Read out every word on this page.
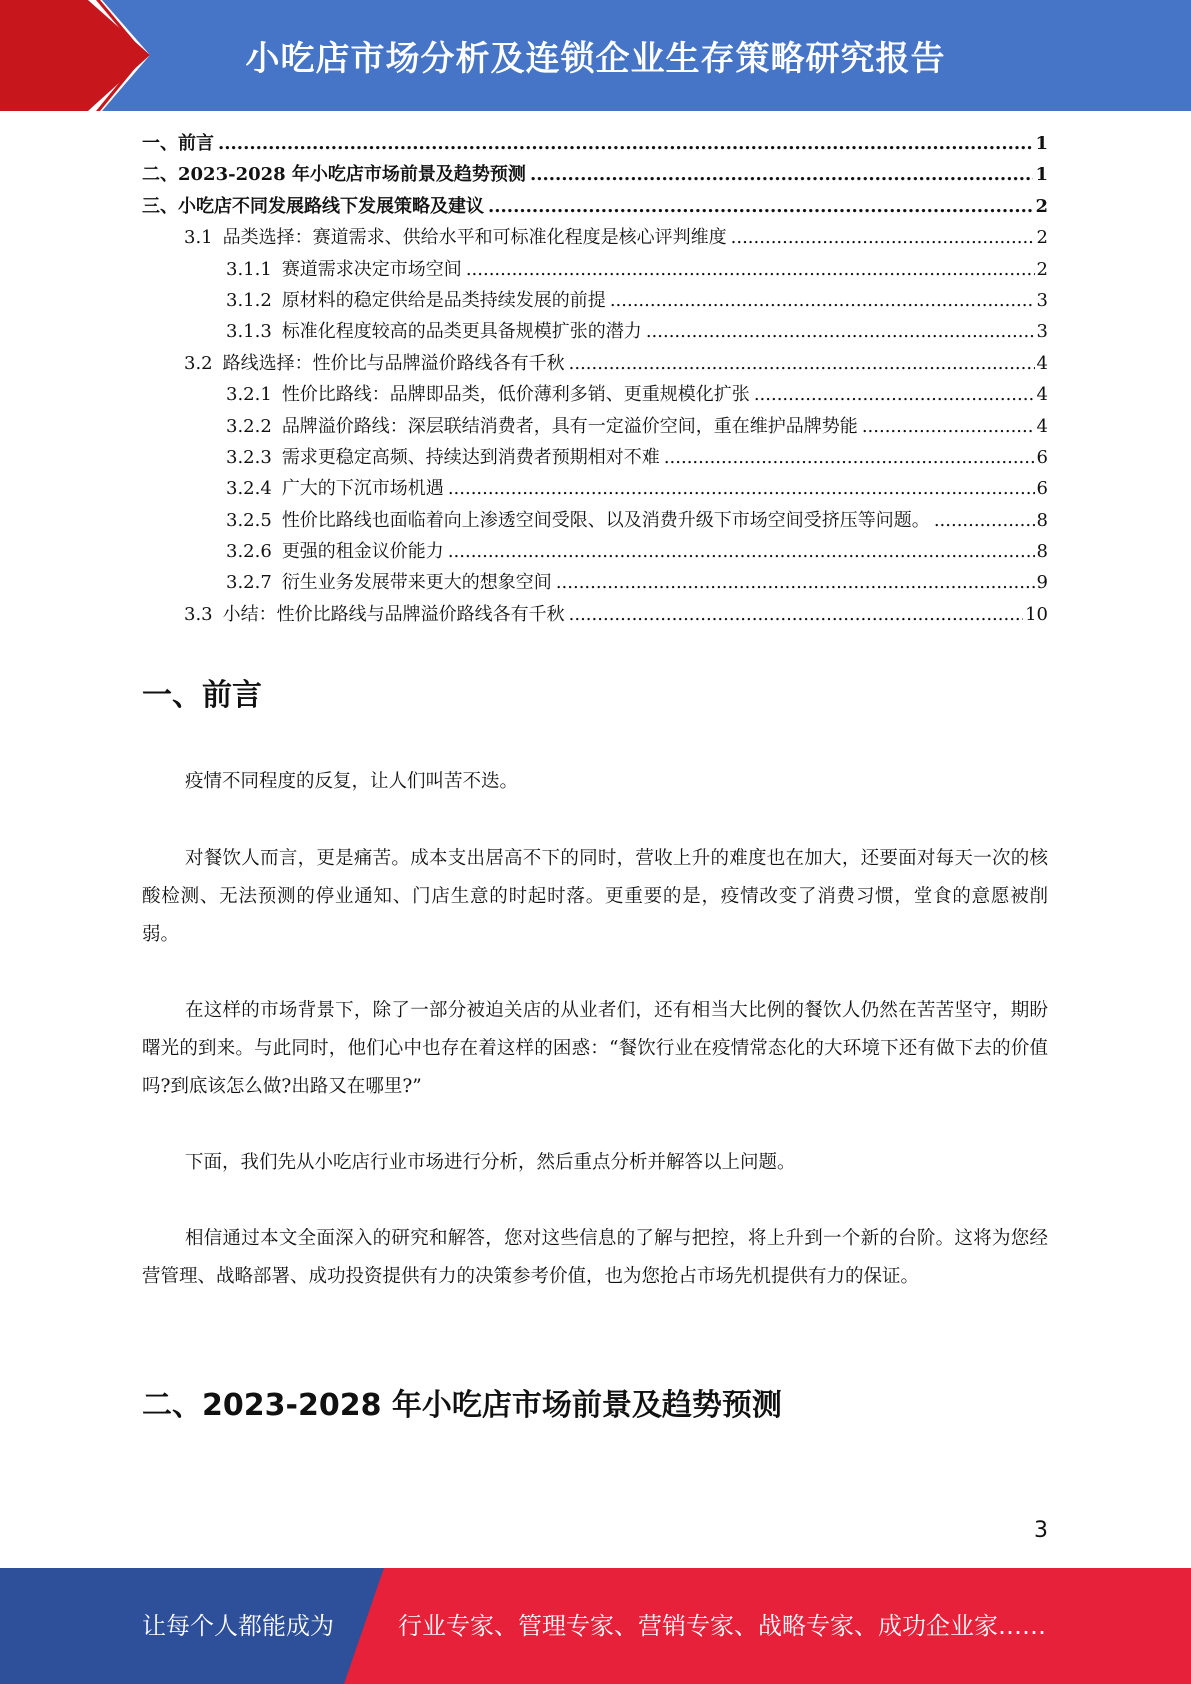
小吃店市场分析及连锁企业生存策略研究报告
一、 前言 .....	1
二、 2023-2028 年小吃店市场前景及趋势预测 .....	1
三、 小吃店不同发展路线下发展策略及建议 .....	2
3.1 品类选择：赛道需求、供给水平和可标准化程度是核心评判维度 .....	2
3.1.1 赛道需求决定市场空间 .....	2
3.1.2 原材料的稳定供给是品类持续发展的前提 .....	3
3.1.3 标准化程度较高的品类更具备规模扩张的潜力 .....	3
3.2 路线选择：性价比与品牌溢价路线各有千秋 .....	4
3.2.1 性价比路线：品牌即品类，低价薄利多销、更重规模化扩张 .....	4
3.2.2 品牌溢价路线：深层联结消费者，具有一定溢价空间，重在维护品牌势能 .....	4
3.2.3 需求更稳定高频、持续达到消费者预期相对不难 .....	6
3.2.4 广大的下沉市场机遇 .....	6
3.2.5 性价比路线也面临着向上渗透空间受限、以及消费升级下市场空间受挤压等问题。 .....	8
3.2.6 更强的租金议价能力 .....	8
3.2.7 衍生业务发展带来更大的想象空间 .....	9
3.3 小结：性价比路线与品牌溢价路线各有千秋 .....	10
一、前言
疫情不同程度的反复，让人们叫苦不迭。
对餐饮人而言，更是痛苦。成本支出居高不下的同时，营收上升的难度也在加大，还要面对每天一次的核酸检测、无法预测的停业通知、门店生意的时起时落。更重要的是，疫情改变了消费习惯，堂食的意愿被削弱。
在这样的市场背景下，除了一部分被迫关店的从业者们，还有相当大比例的餐饮人仍然在苦苦坚守，期盼曙光的到来。与此同时，他们心中也存在着这样的困惑：“餐饮行业在疫情常态化的大环境下还有做下去的价值吗?到底该怎么做?出路又在哪里?”
下面，我们先从小吃店行业市场进行分析，然后重点分析并解答以上问题。
相信通过本文全面深入的研究和解答，您对这些信息的了解与把控，将上升到一个新的台阶。这将为您经营管理、战略部署、成功投资提供有力的决策参考价值，也为您抢占市场先机提供有力的保证。
二、2023-2028 年小吃店市场前景及趋势预测
3
让每个人都能成为	行业专家、管理专家、营销专家、战略专家、成功企业家……
